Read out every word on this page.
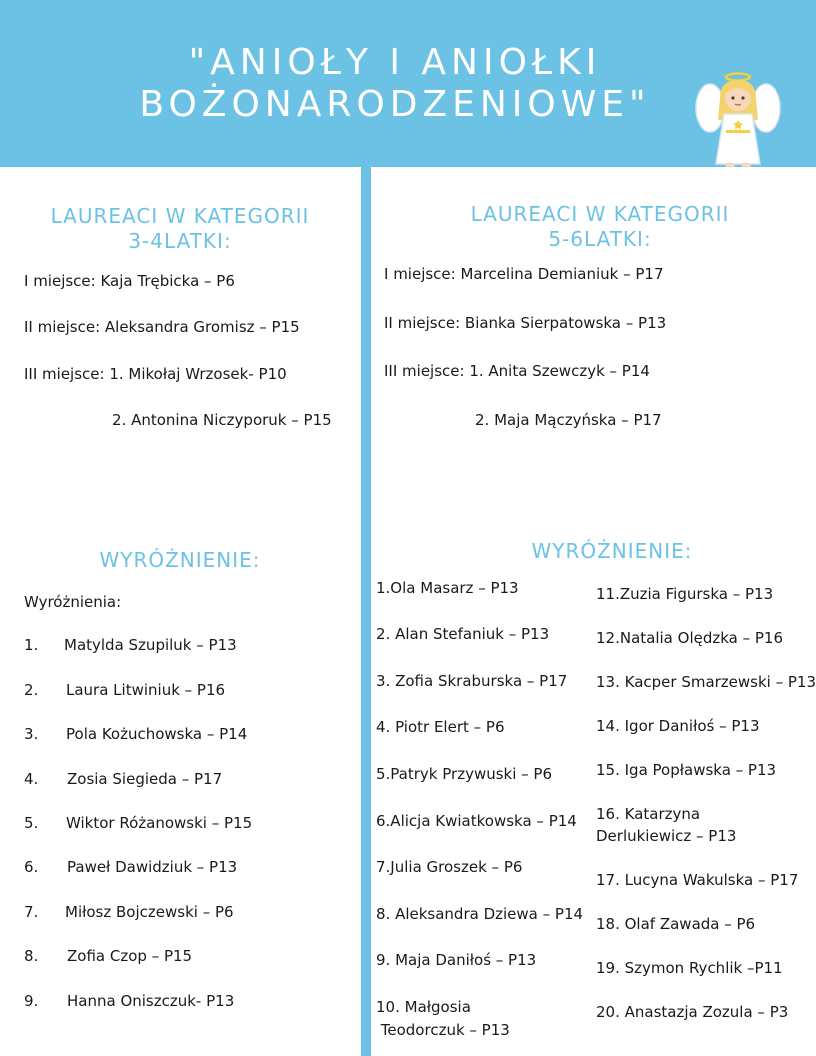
"ANIOŁY I ANIOŁKI
BOŻONARODZENIOWE"
LAUREACI W KATEGORII
3-4LATKI:
I miejsce: Kaja Trębicka – P6
II miejsce: Aleksandra Gromisz – P15
III miejsce: 1. Mikołaj Wrzosek- P10
2. Antonina Niczyporuk – P15
WYRÓŻNIENIE:
Wyróżnienia:
1. Matylda Szupiluk – P13
2. Laura Litwiniuk – P16
3. Pola Kożuchowska – P14
4. Zosia Siegieda – P17
5. Wiktor Różanowski – P15
6. Paweł Dawidziuk – P13
7. Miłosz Bojczewski – P6
8. Zofia Czop – P15
9. Hanna Oniszczuk- P13
LAUREACI W KATEGORII
5-6LATKI:
I miejsce: Marcelina Demianiuk – P17
II miejsce: Bianka Sierpatowska – P13
III miejsce: 1. Anita Szewczyk – P14
2. Maja Mączyńska – P17
WYRÓŻNIENIE:
1.Ola Masarz – P13
2. Alan Stefaniuk – P13
3. Zofia Skraburska – P17
4. Piotr Elert – P6
5.Patryk Przywuski – P6
6.Alicja Kwiatkowska – P14
7.Julia Groszek – P6
8. Aleksandra Dziewa – P14
9. Maja Daniłoś – P13
10. Małgosia
Teodorczuk – P13
11.Zuzia Figurska – P13
12.Natalia Olędzka – P16
13. Kacper Smarzewski – P13
14. Igor Daniłoś – P13
15. Iga Popławska – P13
16. Katarzyna
Derlukiewicz – P13
17. Lucyna Wakulska – P17
18. Olaf Zawada – P6
19. Szymon Rychlik –P11
20. Anastazja Zozula – P3
